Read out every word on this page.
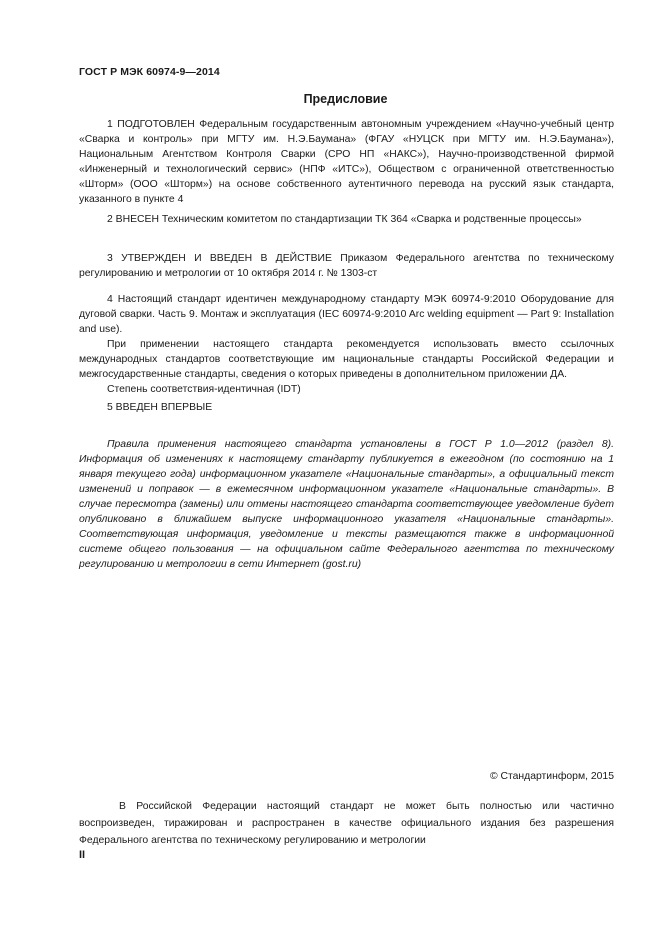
ГОСТ Р МЭК 60974-9—2014
Предисловие

1 ПОДГОТОВЛЕН Федеральным государственным автономным учреждением «Научно-учебный центр «Сварка и контроль» при МГТУ им. Н.Э.Баумана» (ФГАУ «НУЦСК при МГТУ им. Н.Э.Баумана»), Национальным Агентством Контроля Сварки (СРО НП «НАКС»), Научно-производственной фирмой «Инженерный и технологический сервис» (НПФ «ИТС»), Обществом с ограниченной ответственностью «Шторм» (ООО «Шторм») на основе собственного аутентичного перевода на русский язык стандарта, указанного в пункте 4

2 ВНЕСЕН Техническим комитетом по стандартизации ТК 364 «Сварка и родственные процессы»

3 УТВЕРЖДЕН И ВВЕДЕН В ДЕЙСТВИЕ Приказом Федерального агентства по техническому регулированию и метрологии от 10 октября 2014 г. № 1303-ст

4 Настоящий стандарт идентичен международному стандарту МЭК 60974-9:2010 Оборудование для дуговой сварки. Часть 9. Монтаж и эксплуатация (IEC 60974-9:2010 Arc welding equipment — Part 9: Installation and use).

При применении настоящего стандарта рекомендуется использовать вместо ссылочных международных стандартов соответствующие им национальные стандарты Российской Федерации и межгосударственные стандарты, сведения о которых приведены в дополнительном приложении ДА.

Степень соответствия-идентичная (IDT)

5 ВВЕДЕН ВПЕРВЫЕ

Правила применения настоящего стандарта установлены в ГОСТ Р 1.0—2012 (раздел 8). Информация об изменениях к настоящему стандарту публикуется в ежегодном (по состоянию на 1 января текущего года) информационном указателе «Национальные стандарты», а официальный текст изменений и поправок — в ежемесячном информационном указателе «Национальные стандарты». В случае пересмотра (замены) или отмены настоящего стандарта соответствующее уведомление будет опубликовано в ближайшем выпуске информационного указателя «Национальные стандарты». Соответствующая информация, уведомление и тексты размещаются также в информационной системе общего пользования — на официальном сайте Федерального агентства по техническому регулированию и метрологии в сети Интернет (gost.ru)

© Стандартинформ, 2015

В Российской Федерации настоящий стандарт не может быть полностью или частично воспроизведен, тиражирован и распространен в качестве официального издания без разрешения Федерального агентства по техническому регулированию и метрологии

II
